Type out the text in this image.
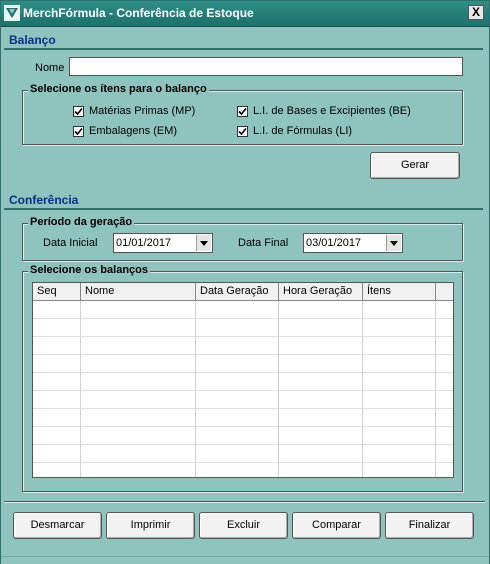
MerchFórmula - Conferência de Estoque	X
Balanço
Nome
Selecione os ítens para o balanço
Matérias Primas (MP)
Embalagens (EM)
L.I. de Bases e Excipientes (BE)
L.I. de Fórmulas (LI)
Gerar
Conferência
Período da geração
Data Inicial 01/01/2017	Data Final 03/01/2017
Selecione os balanços
Seq	Nome	Data Geração	Hora Geração	Ítens
Desmarcar	Imprimir	Excluir	Comparar	Finalizar
